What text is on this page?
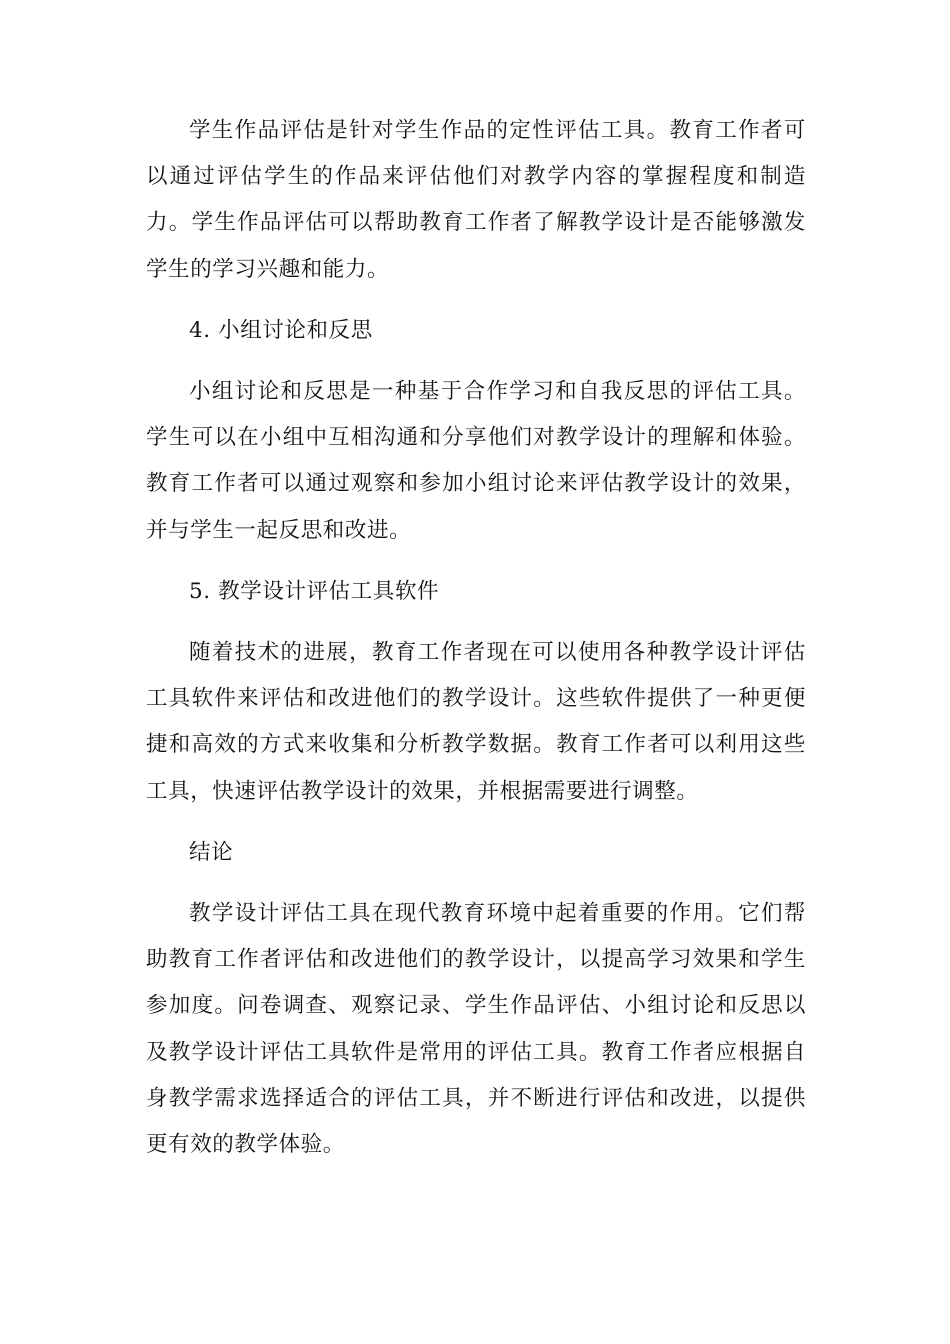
学生作品评估是针对学生作品的定性评估工具。教育工作者可以通过评估学生的作品来评估他们对教学内容的掌握程度和制造力。学生作品评估可以帮助教育工作者了解教学设计是否能够激发学生的学习兴趣和能力。

4. 小组讨论和反思

小组讨论和反思是一种基于合作学习和自我反思的评估工具。学生可以在小组中互相沟通和分享他们对教学设计的理解和体验。教育工作者可以通过观察和参加小组讨论来评估教学设计的效果，并与学生一起反思和改进。

5. 教学设计评估工具软件

随着技术的进展，教育工作者现在可以使用各种教学设计评估工具软件来评估和改进他们的教学设计。这些软件提供了一种更便捷和高效的方式来收集和分析教学数据。教育工作者可以利用这些工具，快速评估教学设计的效果，并根据需要进行调整。

结论

教学设计评估工具在现代教育环境中起着重要的作用。它们帮助教育工作者评估和改进他们的教学设计，以提高学习效果和学生参加度。问卷调查、观察记录、学生作品评估、小组讨论和反思以及教学设计评估工具软件是常用的评估工具。教育工作者应根据自身教学需求选择适合的评估工具，并不断进行评估和改进，以提供更有效的教学体验。
